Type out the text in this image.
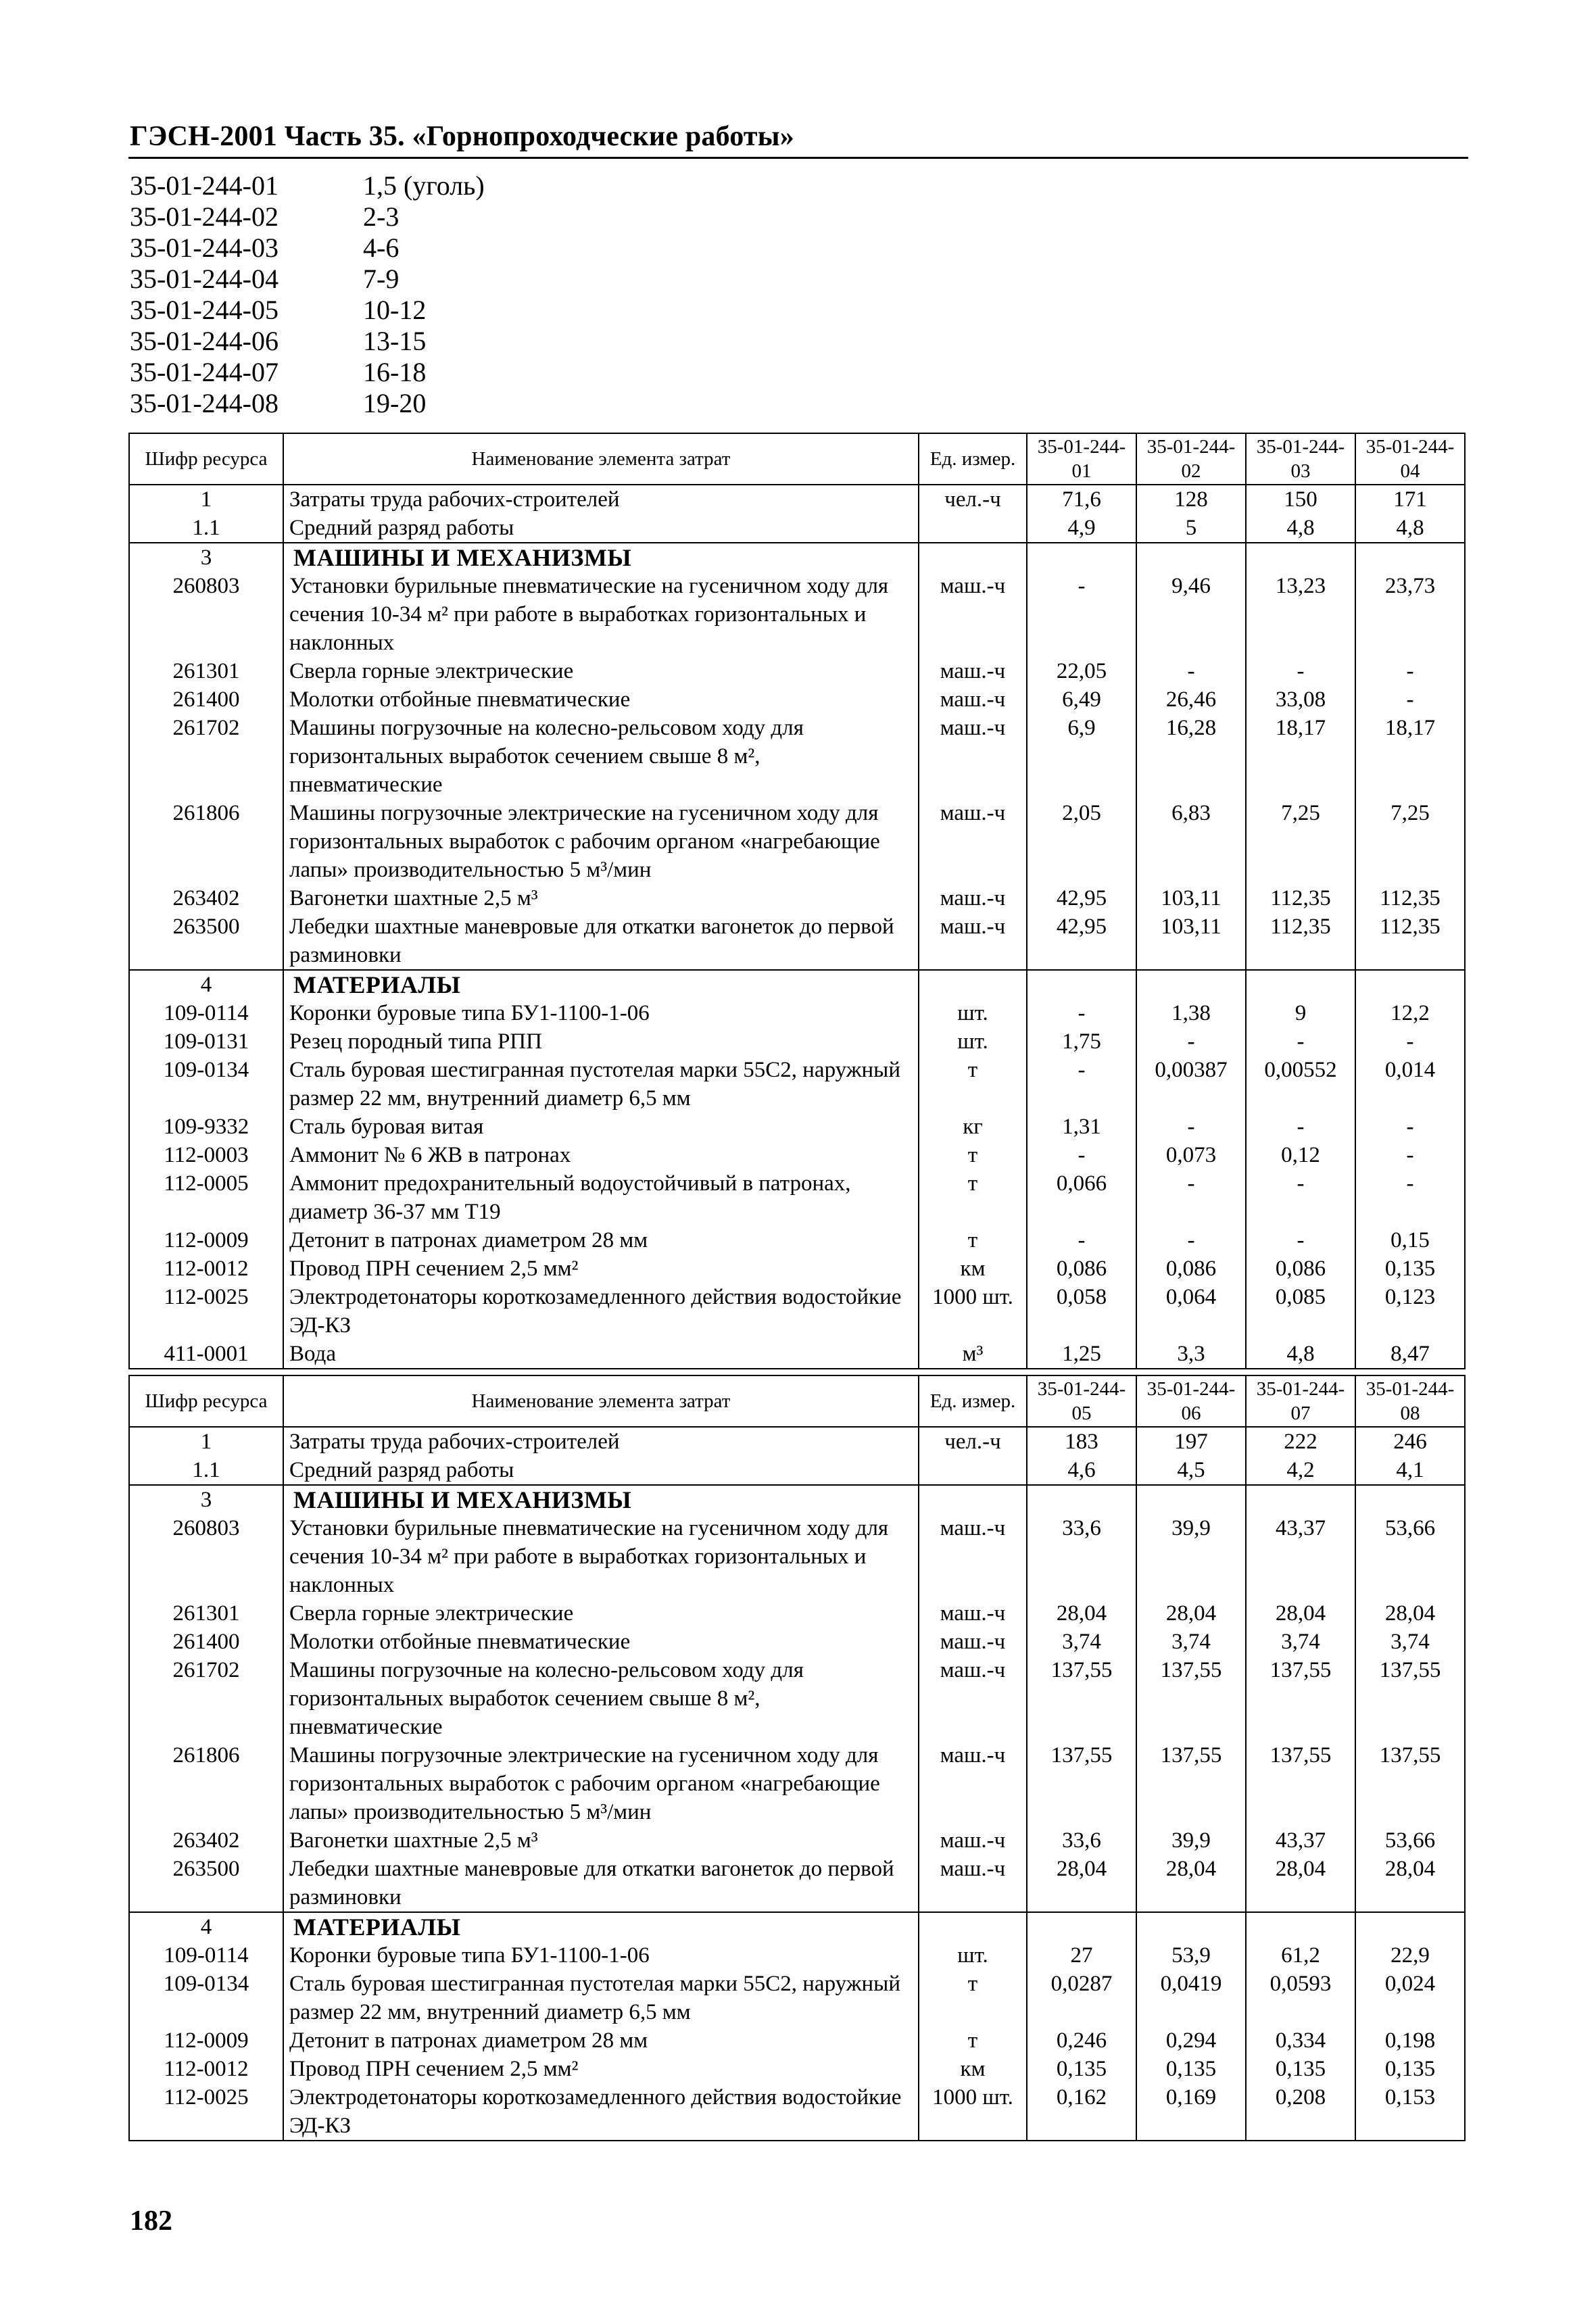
ГЭСН-2001 Часть 35. «Горнопроходческие работы»
35-01-244-01	1,5 (уголь)
35-01-244-02	2-3
35-01-244-03	4-6
35-01-244-04	7-9
35-01-244-05	10-12
35-01-244-06	13-15
35-01-244-07	16-18
35-01-244-08	19-20
Шифр ресурса	Наименование элемента затрат	Ед. измер.	35-01-244-01	35-01-244-02	35-01-244-03	35-01-244-04
1	Затраты труда рабочих-строителей	чел.-ч	71,6	128	150	171
1.1	Средний разряд работы		4,9	5	4,8	4,8
3	МАШИНЫ И МЕХАНИЗМЫ					
260803	Установки бурильные пневматические на гусеничном ходу для сечения 10-34 м² при работе в выработках горизонтальных и наклонных	маш.-ч	-	9,46	13,23	23,73
261301	Сверла горные электрические	маш.-ч	22,05	-	-	-
261400	Молотки отбойные пневматические	маш.-ч	6,49	26,46	33,08	-
261702	Машины погрузочные на колесно-рельсовом ходу для горизонтальных выработок сечением свыше 8 м², пневматические	маш.-ч	6,9	16,28	18,17	18,17
261806	Машины погрузочные электрические на гусеничном ходу для горизонтальных выработок с рабочим органом «нагребающие лапы» производительностью 5 м³/мин	маш.-ч	2,05	6,83	7,25	7,25
263402	Вагонетки шахтные 2,5 м³	маш.-ч	42,95	103,11	112,35	112,35
263500	Лебедки шахтные маневровые для откатки вагонеток до первой разминовки	маш.-ч	42,95	103,11	112,35	112,35
4	МАТЕРИАЛЫ					
109-0114	Коронки буровые типа БУ1-1100-1-06	шт.	-	1,38	9	12,2
109-0131	Резец породный типа РПП	шт.	1,75	-	-	-
109-0134	Сталь буровая шестигранная пустотелая марки 55С2, наружный размер 22 мм, внутренний диаметр 6,5 мм	т	-	0,00387	0,00552	0,014
109-9332	Сталь буровая витая	кг	1,31	-	-	-
112-0003	Аммонит № 6 ЖВ в патронах	т	-	0,073	0,12	-
112-0005	Аммонит предохранительный водоустойчивый в патронах, диаметр 36-37 мм Т19	т	0,066	-	-	-
112-0009	Детонит в патронах диаметром 28 мм	т	-	-	-	0,15
112-0012	Провод ПРН сечением 2,5 мм²	км	0,086	0,086	0,086	0,135
112-0025	Электродетонаторы короткозамедленного действия водостойкие ЭД-КЗ	1000 шт.	0,058	0,064	0,085	0,123
411-0001	Вода	м³	1,25	3,3	4,8	8,47
Шифр ресурса	Наименование элемента затрат	Ед. измер.	35-01-244-05	35-01-244-06	35-01-244-07	35-01-244-08
1	Затраты труда рабочих-строителей	чел.-ч	183	197	222	246
1.1	Средний разряд работы		4,6	4,5	4,2	4,1
3	МАШИНЫ И МЕХАНИЗМЫ					
260803	Установки бурильные пневматические на гусеничном ходу для сечения 10-34 м² при работе в выработках горизонтальных и наклонных	маш.-ч	33,6	39,9	43,37	53,66
261301	Сверла горные электрические	маш.-ч	28,04	28,04	28,04	28,04
261400	Молотки отбойные пневматические	маш.-ч	3,74	3,74	3,74	3,74
261702	Машины погрузочные на колесно-рельсовом ходу для горизонтальных выработок сечением свыше 8 м², пневматические	маш.-ч	137,55	137,55	137,55	137,55
261806	Машины погрузочные электрические на гусеничном ходу для горизонтальных выработок с рабочим органом «нагребающие лапы» производительностью 5 м³/мин	маш.-ч	137,55	137,55	137,55	137,55
263402	Вагонетки шахтные 2,5 м³	маш.-ч	33,6	39,9	43,37	53,66
263500	Лебедки шахтные маневровые для откатки вагонеток до первой разминовки	маш.-ч	28,04	28,04	28,04	28,04
4	МАТЕРИАЛЫ					
109-0114	Коронки буровые типа БУ1-1100-1-06	шт.	27	53,9	61,2	22,9
109-0134	Сталь буровая шестигранная пустотелая марки 55С2, наружный размер 22 мм, внутренний диаметр 6,5 мм	т	0,0287	0,0419	0,0593	0,024
112-0009	Детонит в патронах диаметром 28 мм	т	0,246	0,294	0,334	0,198
112-0012	Провод ПРН сечением 2,5 мм²	км	0,135	0,135	0,135	0,135
112-0025	Электродетонаторы короткозамедленного действия водостойкие ЭД-КЗ	1000 шт.	0,162	0,169	0,208	0,153
182
